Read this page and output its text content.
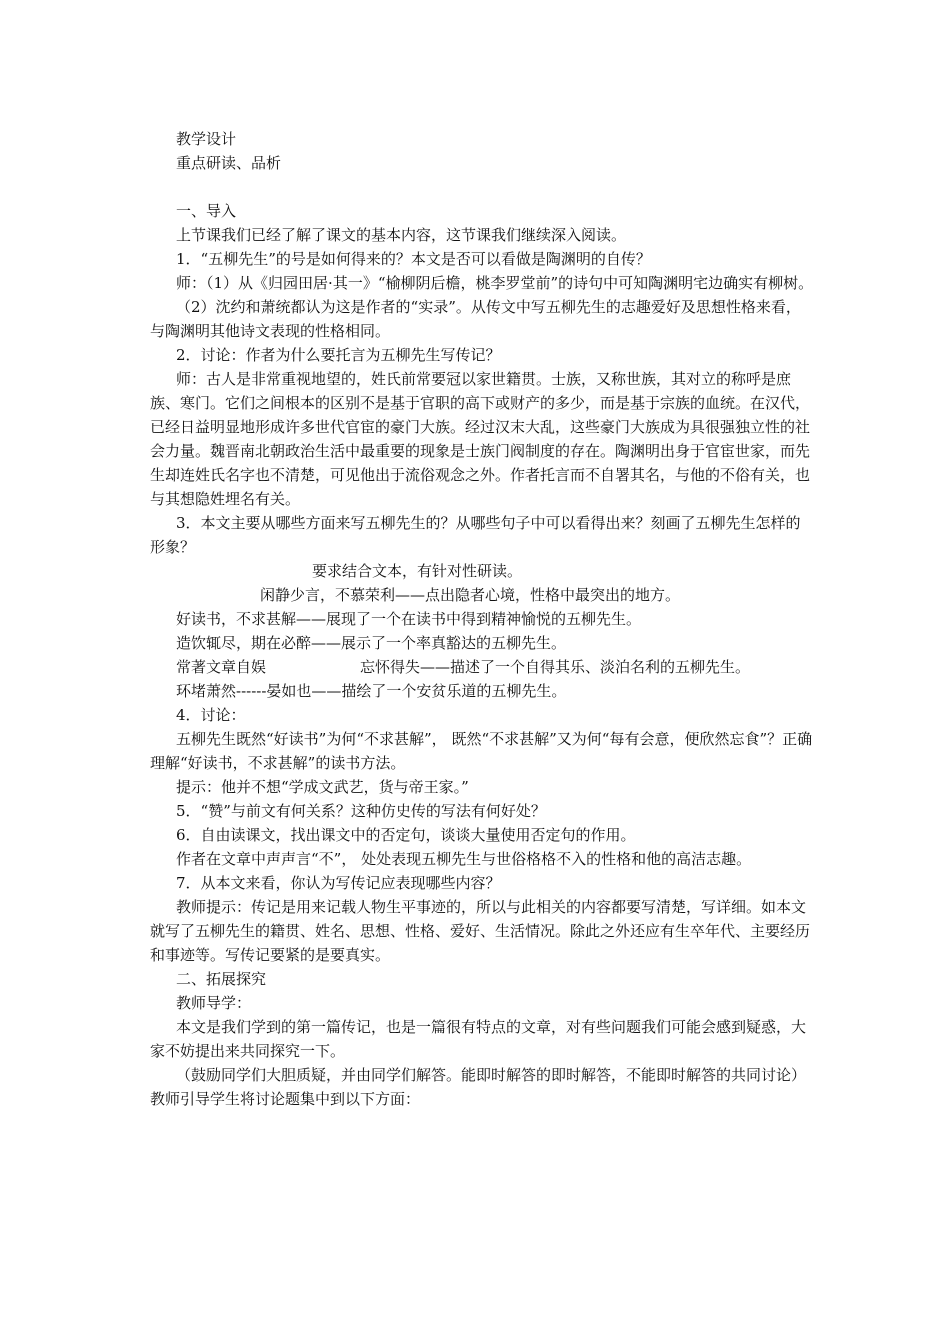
教学设计

重点研读、品析

一、导入

上节课我们已经了解了课文的基本内容，这节课我们继续深入阅读。

1．“五柳先生”的号是如何得来的？本文是否可以看做是陶渊明的自传？

师：（1）从《归园田居·其一》“榆柳阴后檐，桃李罗堂前”的诗句中可知陶渊明宅边确实有柳树。

（2）沈约和萧统都认为这是作者的“实录”。从传文中写五柳先生的志趣爱好及思想性格来看，与陶渊明其他诗文表现的性格相同。

2．讨论：作者为什么要托言为五柳先生写传记？

师：古人是非常重视地望的，姓氏前常要冠以家世籍贯。士族，又称世族，其对立的称呼是庶族、寒门。它们之间根本的区别不是基于官职的高下或财产的多少，而是基于宗族的血统。在汉代，已经日益明显地形成许多世代官宦的豪门大族。经过汉末大乱，这些豪门大族成为具很强独立性的社会力量。魏晋南北朝政治生活中最重要的现象是士族门阀制度的存在。陶渊明出身于官宦世家，而先生却连姓氏名字也不清楚，可见他出于流俗观念之外。作者托言而不自署其名，与他的不俗有关，也与其想隐姓埋名有关。

3．本文主要从哪些方面来写五柳先生的？从哪些句子中可以看得出来？刻画了五柳先生怎样的形象？

要求结合文本，有针对性研读。

闲静少言，不慕荣利——点出隐者心境，性格中最突出的地方。

好读书，不求甚解——展现了一个在读书中得到精神愉悦的五柳先生。

造饮辄尽，期在必醉——展示了一个率真豁达的五柳先生。

常著文章自娱	忘怀得失——描述了一个自得其乐、淡泊名利的五柳先生。

环堵萧然------晏如也——描绘了一个安贫乐道的五柳先生。

4．讨论：

五柳先生既然“好读书”为何“不求甚解”， 既然“不求甚解”又为何“每有会意，便欣然忘食”？正确理解“好读书，不求甚解”的读书方法。

提示：他并不想“学成文武艺，货与帝王家。”

5．“赞”与前文有何关系？这种仿史传的写法有何好处？

6．自由读课文，找出课文中的否定句，谈谈大量使用否定句的作用。

作者在文章中声声言“不”， 处处表现五柳先生与世俗格格不入的性格和他的高洁志趣。

7．从本文来看，你认为写传记应表现哪些内容？

教师提示：传记是用来记载人物生平事迹的，所以与此相关的内容都要写清楚，写详细。如本文就写了五柳先生的籍贯、姓名、思想、性格、爱好、生活情况。除此之外还应有生卒年代、主要经历和事迹等。写传记要紧的是要真实。

二、拓展探究

教师导学：

本文是我们学到的第一篇传记，也是一篇很有特点的文章，对有些问题我们可能会感到疑惑，大家不妨提出来共同探究一下。

（鼓励同学们大胆质疑，并由同学们解答。能即时解答的即时解答，不能即时解答的共同讨论）教师引导学生将讨论题集中到以下方面：
